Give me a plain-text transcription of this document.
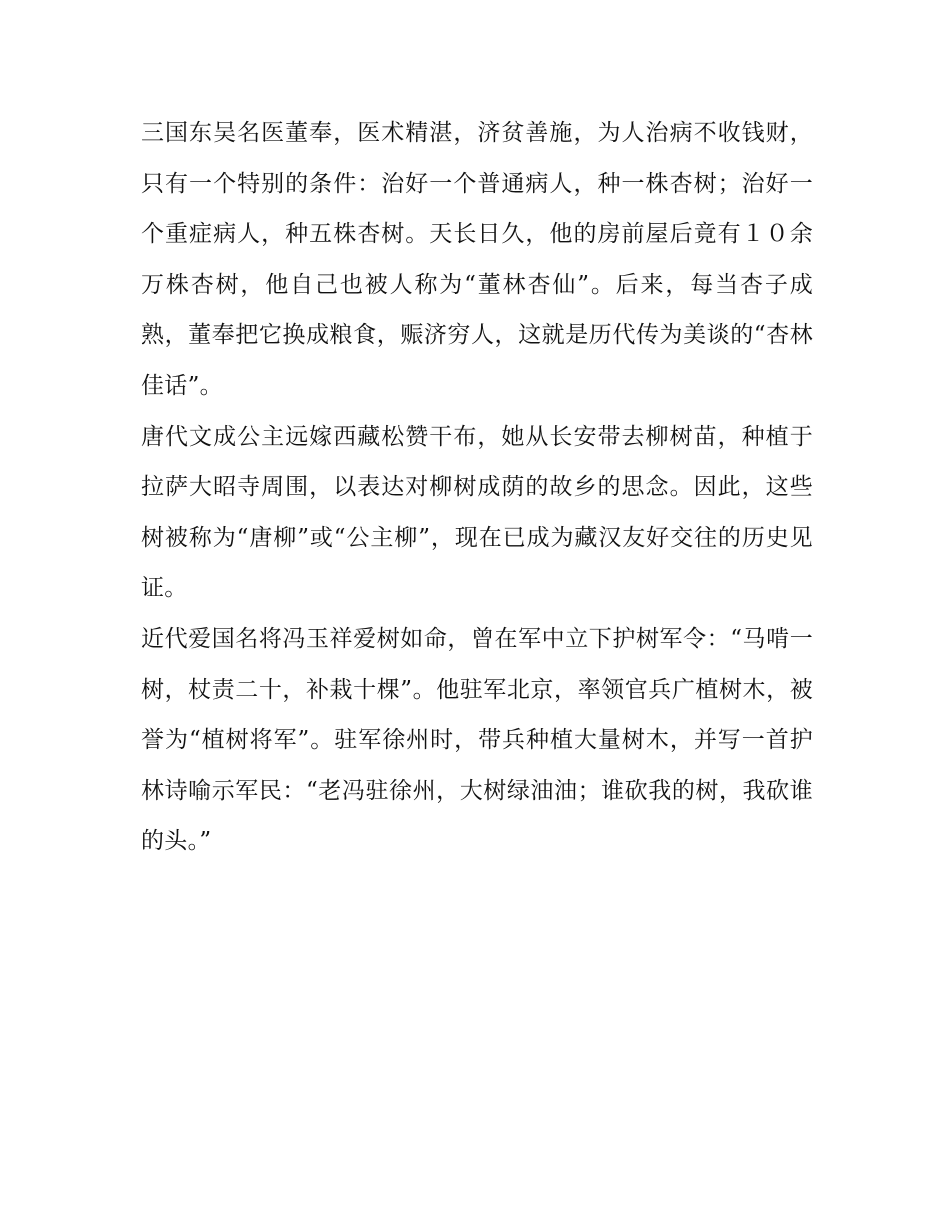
三国东吴名医董奉，医术精湛，济贫善施，为人治病不收钱财，只有一个特别的条件：治好一个普通病人，种一株杏树；治好一个重症病人，种五株杏树。天长日久，他的房前屋后竟有１０余万株杏树，他自己也被人称为“董林杏仙”。后来，每当杏子成熟，董奉把它换成粮食，赈济穷人，这就是历代传为美谈的“杏林佳话”。

唐代文成公主远嫁西藏松赞干布，她从长安带去柳树苗，种植于拉萨大昭寺周围，以表达对柳树成荫的故乡的思念。因此，这些树被称为“唐柳”或“公主柳”，现在已成为藏汉友好交往的历史见证。

近代爱国名将冯玉祥爱树如命，曾在军中立下护树军令：“马啃一树，杖责二十，补栽十棵”。他驻军北京，率领官兵广植树木，被誉为“植树将军”。驻军徐州时，带兵种植大量树木，并写一首护林诗喻示军民：“老冯驻徐州，大树绿油油；谁砍我的树，我砍谁的头。”
